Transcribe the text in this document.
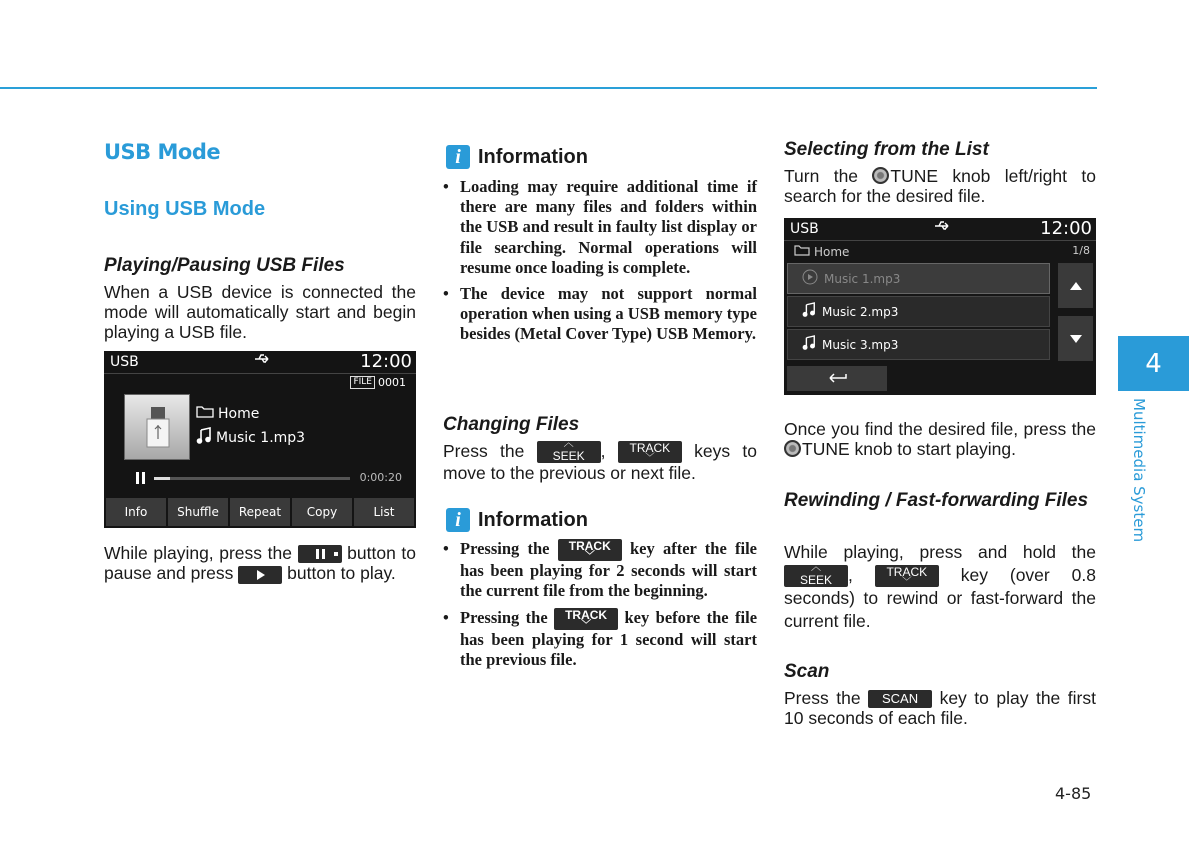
USB Mode
Using USB Mode
Playing/Pausing USB Files
When a USB device is connected the mode will automatically start and begin playing a USB file.
USB	12:00
FILE 0001
Home
Music 1.mp3
0:00:20
Info	Shuffle	Repeat	Copy	List
While playing, press the	button to pause and press	button to play.
i Information
• Loading may require additional time if there are many files and folders within the USB and result in faulty list display or file searching. Normal operations will resume once loading is complete.
• The device may not support normal operation when using a USB memory type besides (Metal Cover Type) USB Memory.
Changing Files
Press the	︿
SEEK ,	TRACK
﹀	keys to move to the previous or next file.
i Information
• Pressing the	TRACK
﹀	key after the file has been playing for 2 seconds will start the current file from the beginning.
• Pressing the	TRACK
﹀	key before the file has been playing for 1 second will start the previous file.
Selecting from the List
Turn the TUNE knob left/right to search for the desired file.
USB	12:00
Home	1/8
Music 1.mp3
Music 2.mp3
Music 3.mp3
Once you find the desired file, press the TUNE knob to start playing.
Rewinding / Fast-forwarding Files
While playing, press and hold the
︿
SEEK ,	TRACK
﹀	key (over 0.8 seconds) to rewind or fast-forward the current file.
Scan
Press the SCAN key to play the first 10 seconds of each file.
4
Multimedia System
4-85
